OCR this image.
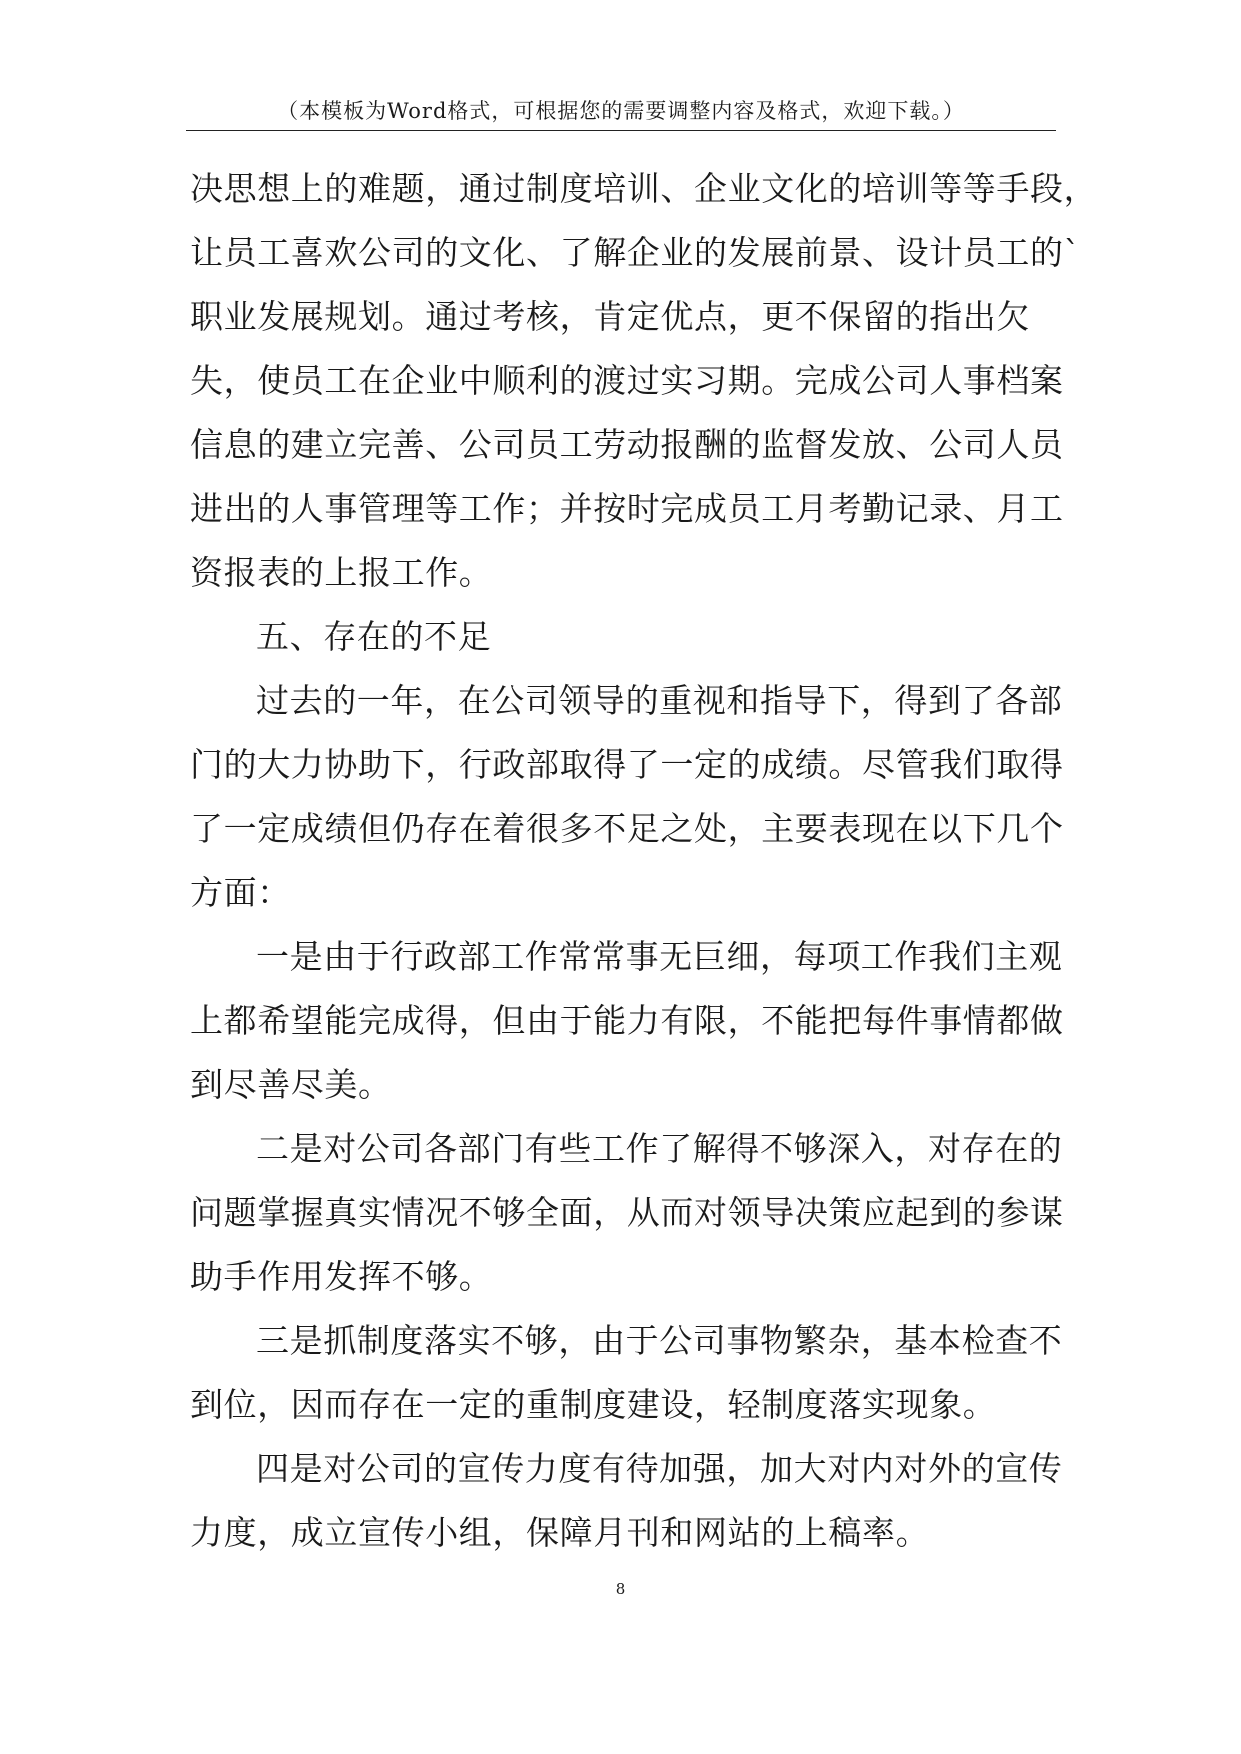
（本模板为Word格式，可根据您的需要调整内容及格式，欢迎下载。）
决思想上的难题，通过制度培训、企业文化的培训等等手段，
让员工喜欢公司的文化、了解企业的发展前景、设计员工的`
职业发展规划。通过考核，肯定优点，更不保留的指出欠
失，使员工在企业中顺利的渡过实习期。完成公司人事档案
信息的建立完善、公司员工劳动报酬的监督发放、公司人员
进出的人事管理等工作；并按时完成员工月考勤记录、月工
资报表的上报工作。
五、存在的不足
过去的一年，在公司领导的重视和指导下，得到了各部
门的大力协助下，行政部取得了一定的成绩。尽管我们取得
了一定成绩但仍存在着很多不足之处，主要表现在以下几个
方面：
一是由于行政部工作常常事无巨细，每项工作我们主观
上都希望能完成得，但由于能力有限，不能把每件事情都做
到尽善尽美。
二是对公司各部门有些工作了解得不够深入，对存在的
问题掌握真实情况不够全面，从而对领导决策应起到的参谋
助手作用发挥不够。
三是抓制度落实不够，由于公司事物繁杂，基本检查不
到位，因而存在一定的重制度建设，轻制度落实现象。
四是对公司的宣传力度有待加强，加大对内对外的宣传
力度，成立宣传小组，保障月刊和网站的上稿率。
8
